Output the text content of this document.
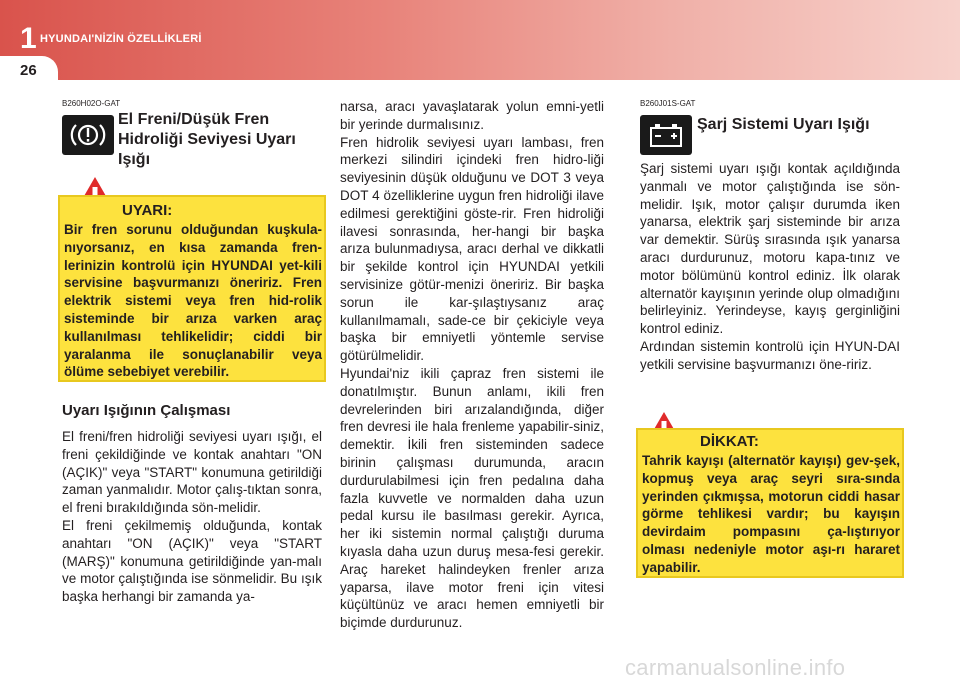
1 HYUNDAI'NİZİN ÖZELLİKLERİ
26
B260H02O-GAT
El Freni/Düşük Fren
Hidroliği Seviyesi Uyarı
Işığı
UYARI:
Bir fren sorunu olduğundan kuşkula-nıyorsanız, en kısa zamanda fren-lerinizin kontrolü için HYUNDAI yet-kili servisine başvurmanızı öneririz. Fren elektrik sistemi veya fren hid-rolik sisteminde bir arıza varken araç kullanılması tehlikelidir; ciddi bir yaralanma ile sonuçlanabilir veya ölüme sebebiyet verebilir.
Uyarı Işığının Çalışması
El freni/fren hidroliği seviyesi uyarı ışığı, el freni çekildiğinde ve kontak anahtarı "ON (AÇIK)" veya "START" konumuna getirildiği zaman yanmalıdır. Motor çalış-tıktan sonra, el freni bırakıldığında sön-melidir.
El freni çekilmemiş olduğunda, kontak anahtarı "ON (AÇIK)" veya "START (MARŞ)" konumuna getirildiğinde yan-malı ve motor çalıştığında ise sönmelidir. Bu ışık başka herhangi bir zamanda ya-
narsa, aracı yavaşlatarak yolun emni-yetli bir yerinde durmalısınız.
Fren hidrolik seviyesi uyarı lambası, fren merkezi silindiri içindeki fren hidro-liği seviyesinin düşük olduğunu ve DOT 3 veya DOT 4 özelliklerine uygun fren hidroliği ilave edilmesi gerektiğini göste-rir. Fren hidroliği ilavesi sonrasında, her-hangi bir başka arıza bulunmadıysa, aracı derhal ve dikkatli bir şekilde kontrol için HYUNDAI yetkili servisinize götür-menizi öneririz. Bir başka sorun ile kar-şılaştıysanız araç kullanılmamalı, sade-ce bir çekiciyle veya başka bir emniyetli yöntemle servise götürülmelidir.
Hyundai'niz ikili çapraz fren sistemi ile donatılmıştır. Bunun anlamı, ikili fren devrelerinden biri arızalandığında, diğer fren devresi ile hala frenleme yapabilir-siniz, demektir. İkili fren sisteminden sadece birinin çalışması durumunda, aracın durdurulabilmesi için fren pedalına daha fazla kuvvetle ve normalden daha uzun pedal kursu ile basılması gerekir. Ayrıca, her iki sistemin normal çalıştığı duruma kıyasla daha uzun duruş mesa-fesi gerekir. Araç hareket halindeyken frenler arıza yaparsa, ilave motor freni için vitesi küçültünüz ve aracı hemen emniyetli bir biçimde durdurunuz.
B260J01S-GAT
Şarj Sistemi Uyarı Işığı
Şarj sistemi uyarı ışığı kontak açıldığında yanmalı ve motor çalıştığında ise sön-melidir. Işık, motor çalışır durumda iken yanarsa, elektrik şarj sisteminde bir arıza var demektir. Sürüş sırasında ışık yanarsa aracı durdurunuz, motoru kapa-tınız ve motor bölümünü kontrol ediniz. İlk olarak alternatör kayışının yerinde olup olmadığını belirleyiniz. Yerindeyse, kayış gerginliğini kontrol ediniz.
Ardından sistemin kontrolü için HYUN-DAI yetkili servisine başvurmanızı öne-ririz.
DİKKAT:
Tahrik kayışı (alternatör kayışı) gev-şek, kopmuş veya araç seyri sıra-sında yerinden çıkmışsa, motorun ciddi hasar görme tehlikesi vardır; bu kayışın devirdaim pompasını ça-lıştırıyor olması nedeniyle motor aşı-rı hararet yapabilir.
carmanualsonline.info
